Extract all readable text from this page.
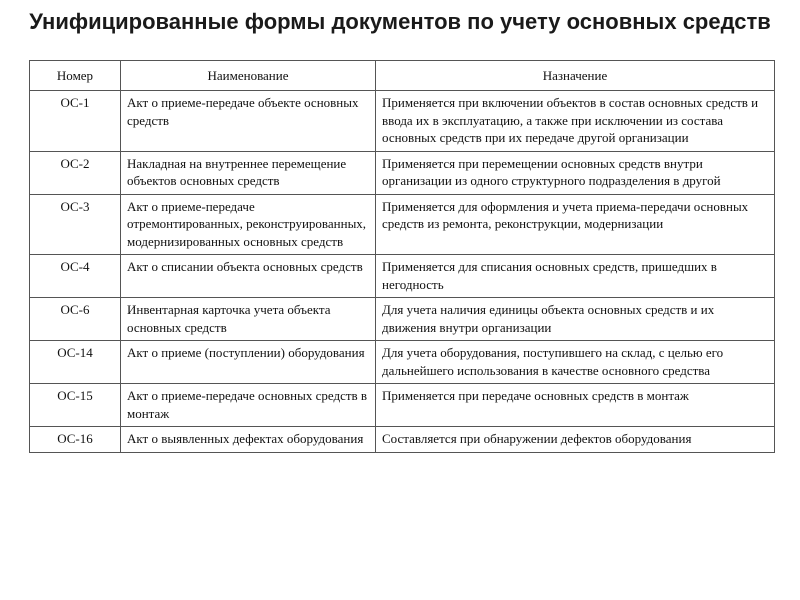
Унифицированные формы документов по учету основных средств
Номер	Наименование	Назначение
ОС-1	Акт о приеме-передаче объекте основных средств	Применяется при включении объектов в состав основных средств и ввода их в эксплуатацию, а также при исключении из состава основных средств при их передаче другой организации
ОС-2	Накладная на внутреннее перемещение объектов основных средств	Применяется при перемещении основных средств внутри организации из одного структурного подразделения в другой
ОС-3	Акт о приеме-передаче отремонтированных, реконструированных, модернизированных основных средств	Применяется для оформления и учета приема-передачи основных средств из ремонта, реконструкции, модернизации
ОС-4	Акт о списании объекта основных средств	Применяется для списания основных средств, пришедших в негодность
ОС-6	Инвентарная карточка учета объекта основных средств	Для учета наличия единицы объекта основных средств и их движения внутри организации
ОС-14	Акт о приеме (поступлении) оборудования	Для учета оборудования, поступившего на склад, с целью его дальнейшего использования в качестве основного средства
ОС-15	Акт о приеме-передаче основных средств в монтаж	Применяется при передаче основных средств в монтаж
ОС-16	Акт о выявленных дефектах оборудования	Составляется при обнаружении дефектов оборудования
